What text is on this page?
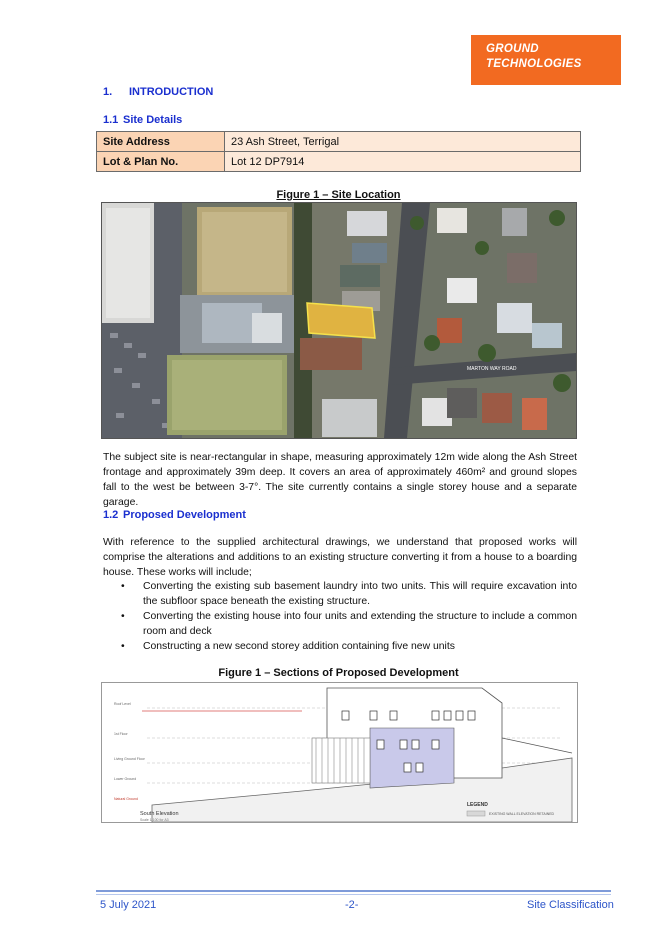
GROUND
TECHNOLOGIES
1. INTRODUCTION
1.1 Site Details
Site Address	23 Ash Street, Terrigal
Lot & Plan No.	Lot 12 DP7914
Figure 1 – Site Location
MARTON WAY ROAD
The subject site is near-rectangular in shape, measuring approximately 12m wide along the Ash Street frontage and approximately 39m deep. It covers an area of approximately 460m² and ground slopes fall to the west be between 3-7°. The site currently contains a single storey house and a separate garage.
1.2 Proposed Development
With reference to the supplied architectural drawings, we understand that proposed works will comprise the alterations and additions to an existing structure converting it from a house to a boarding house. These works will include;
• Converting the existing sub basement laundry into two units. This will require excavation into the subfloor space beneath the existing structure.
• Converting the existing house into four units and extending the structure to include a common room and deck
• Constructing a new second storey addition containing five new units
Figure 1 – Sections of Proposed Development
Roof Level
1st Floor
Living Ground Floor
Lower Ground
Natural Ground
South Elevation
Scale 1:100 for A3
LEGEND
EXISTING WALL ELEVATION RETAINED
5 July 2021	-2-	Site Classification
